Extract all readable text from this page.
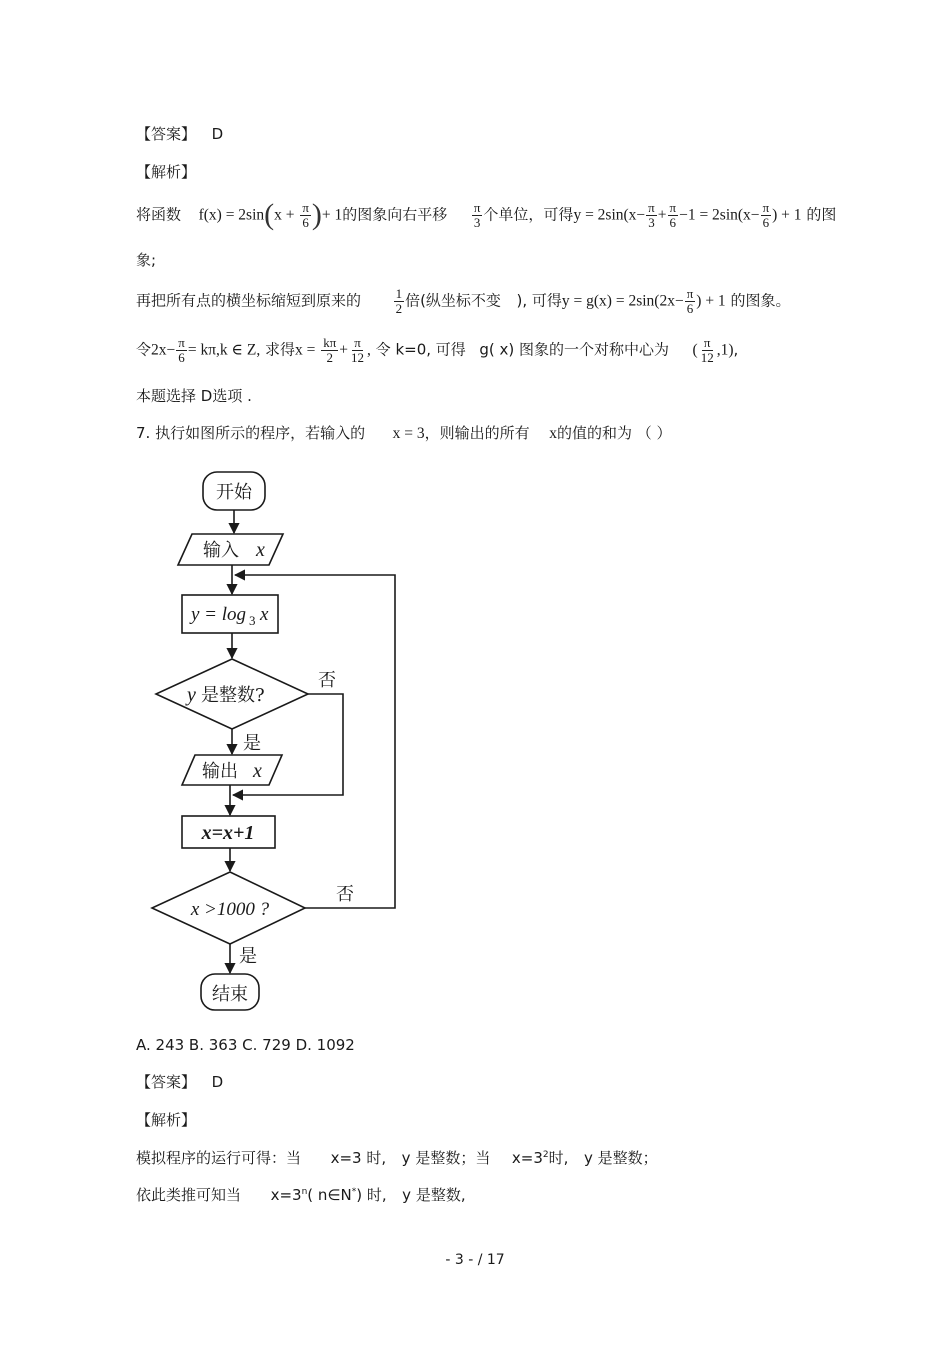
【答案】 D
【解析】
将函数 $f(x) = 2\sin(x + \frac{\pi}{6}$ )+ 1的图象向右平移 $\frac{\pi}{3}$ 个单位，可得$y = 2\sin(x- \frac{\pi}{3} + \frac{\pi}{6} -1 = 2\sin(x- \frac{\pi}{6}$ ) + 1 的图
象;
再把所有点的横坐标缩短到原来的	$\frac{1}{2}$ 倍(纵坐标不变 ), 可得$y = g(x) = 2\sin(2x- \frac{\pi}{6}$ ) + 1 的图象。
令$2x- \frac{\pi}{6} = k\pi,k$ ∈ Z, 求得$x = \frac{k\pi}{2} + \frac{\pi}{12}$ , 令 k=0, 可得 g( x) 图象的一个对称中心为 ( $\frac{\pi}{12} ,1$),
本题选择 D选项 .
7. 执行如图所示的程序，若输入的 x = 3，则输出的所有 x的值的和为 （ ）
开始
输入 x
y = log 3 x
y 是整数?
否
是
输出 x
x=x+1
x >1000 ?
否
是
结束
A. 243 B. 363 C. 729 D. 1092
【答案】 D
【解析】
模拟程序的运行可得：当 x=3 时, y 是整数；当 $x=3^2$时, y 是整数；
依此类推可知当 $x=3^n$( n∈N*) 时, y 是整数,
- 3 - / 17
